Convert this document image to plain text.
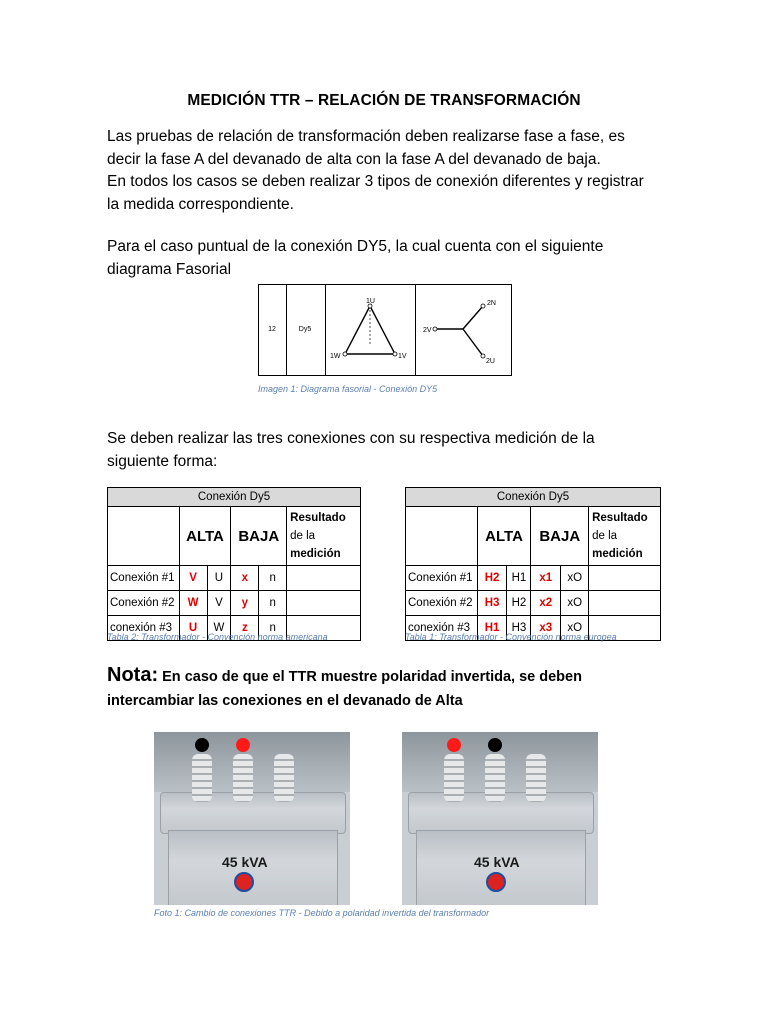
MEDICIÓN TTR – RELACIÓN DE TRANSFORMACIÓN
Las pruebas de relación de transformación deben realizarse fase a fase, es
decir la fase A del devanado de alta con la fase A del devanado de baja.
En todos los casos se deben realizar 3 tipos de conexión diferentes y registrar
la medida correspondiente.
Para el caso puntual de la conexión DY5, la cual cuenta con el siguiente
diagrama Fasorial
12	Dy5
1U
1W	1V
2N
2V
2U
Imagen 1: Diagrama fasorial - Conexión DY5
Se deben realizar las tres conexiones con su respectiva medición de la
siguiente forma:
Conexión Dy5					
	ALTA		BAJA		Resultado
de la
medición

Conexión #1	V	U	x	n	
Conexión #2	W	V	y	n	
conexión #3	U	W	z	n	
Tabla 2: Transformador - Convención norma americana
Conexión Dy5					
	ALTA		BAJA		Resultado
de la
medición

Conexión #1	H2	H1	x1	xO	
Conexión #2	H3	H2	x2	xO	
conexión #3	H1	H3	x3	xO	
Tabla 1: Transformador - Convención norma europea
Nota: En caso de que el TTR muestre polaridad invertida, se deben
intercambiar las conexiones en el devanado de Alta
45 kVA	45 kVA
Foto 1: Cambio de conexiones TTR - Debido a polaridad invertida del transformador
